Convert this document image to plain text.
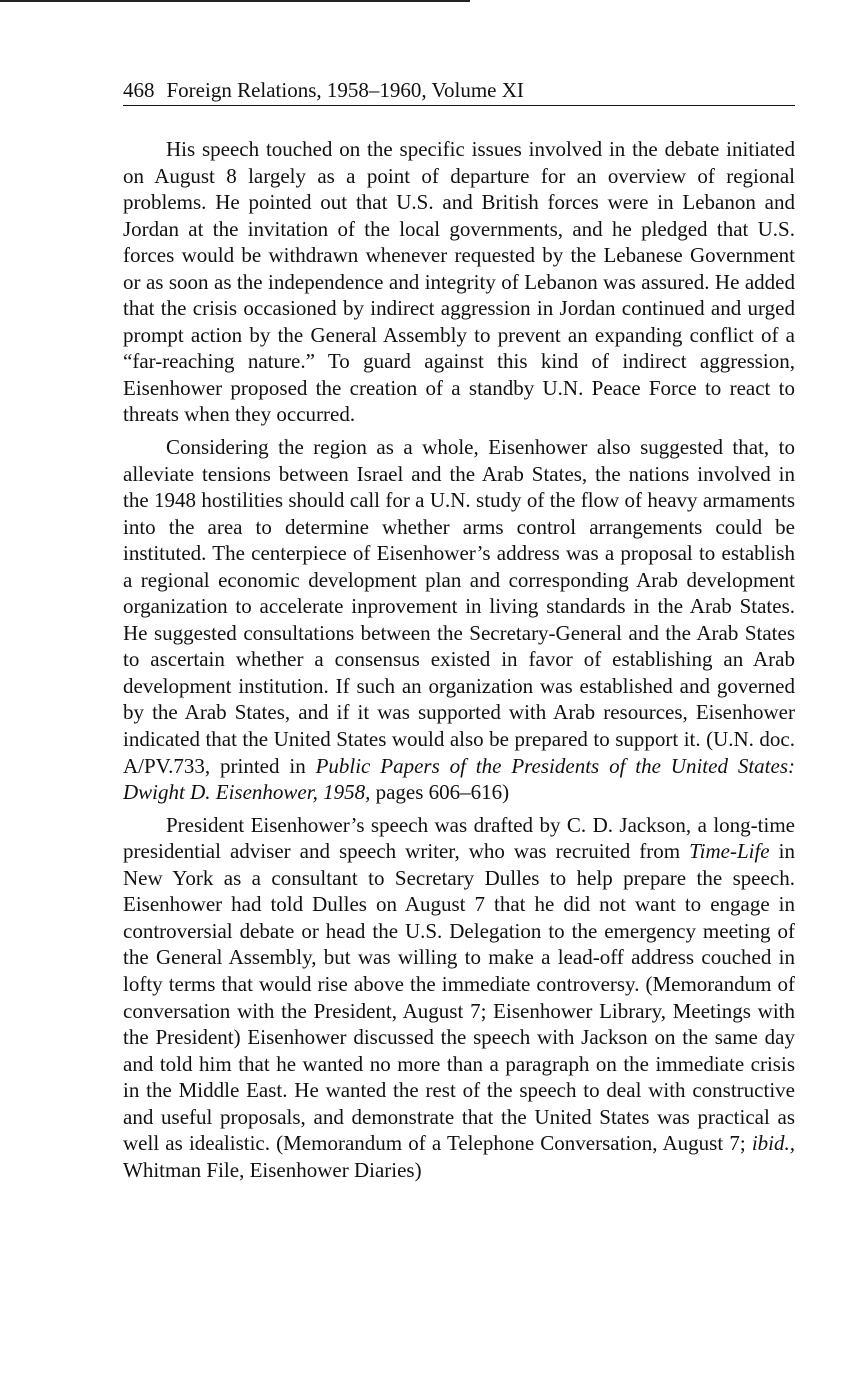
468 Foreign Relations, 1958–1960, Volume XI

His speech touched on the specific issues involved in the debate initiated on August 8 largely as a point of departure for an overview of regional problems. He pointed out that U.S. and British forces were in Lebanon and Jordan at the invitation of the local governments, and he pledged that U.S. forces would be withdrawn whenever requested by the Lebanese Government or as soon as the independence and integrity of Lebanon was assured. He added that the crisis occasioned by indirect aggression in Jordan continued and urged prompt action by the General Assembly to prevent an expanding conflict of a “far-reaching nature.” To guard against this kind of indirect aggression, Eisenhower proposed the creation of a standby U.N. Peace Force to react to threats when they occurred.

Considering the region as a whole, Eisenhower also suggested that, to alleviate tensions between Israel and the Arab States, the nations involved in the 1948 hostilities should call for a U.N. study of the flow of heavy armaments into the area to determine whether arms control arrangements could be instituted. The centerpiece of Eisenhower’s address was a proposal to establish a regional economic development plan and corresponding Arab development organization to accelerate inprovement in living standards in the Arab States. He suggested consultations between the Secretary-General and the Arab States to ascertain whether a consensus existed in favor of establishing an Arab development institution. If such an organization was established and governed by the Arab States, and if it was supported with Arab resources, Eisenhower indicated that the United States would also be prepared to support it. (U.N. doc. A/PV.733, printed in Public Papers of the Presidents of the United States: Dwight D. Eisenhower, 1958, pages 606–616)

President Eisenhower’s speech was drafted by C. D. Jackson, a long-time presidential adviser and speech writer, who was recruited from Time-Life in New York as a consultant to Secretary Dulles to help prepare the speech. Eisenhower had told Dulles on August 7 that he did not want to engage in controversial debate or head the U.S. Delegation to the emergency meeting of the General Assembly, but was willing to make a lead-off address couched in lofty terms that would rise above the immediate controversy. (Memorandum of conversation with the President, August 7; Eisenhower Library, Meetings with the President) Eisenhower discussed the speech with Jackson on the same day and told him that he wanted no more than a paragraph on the immediate crisis in the Middle East. He wanted the rest of the speech to deal with constructive and useful proposals, and demonstrate that the United States was practical as well as idealistic. (Memorandum of a Telephone Conversation, August 7; ibid., Whitman File, Eisenhower Diaries)
